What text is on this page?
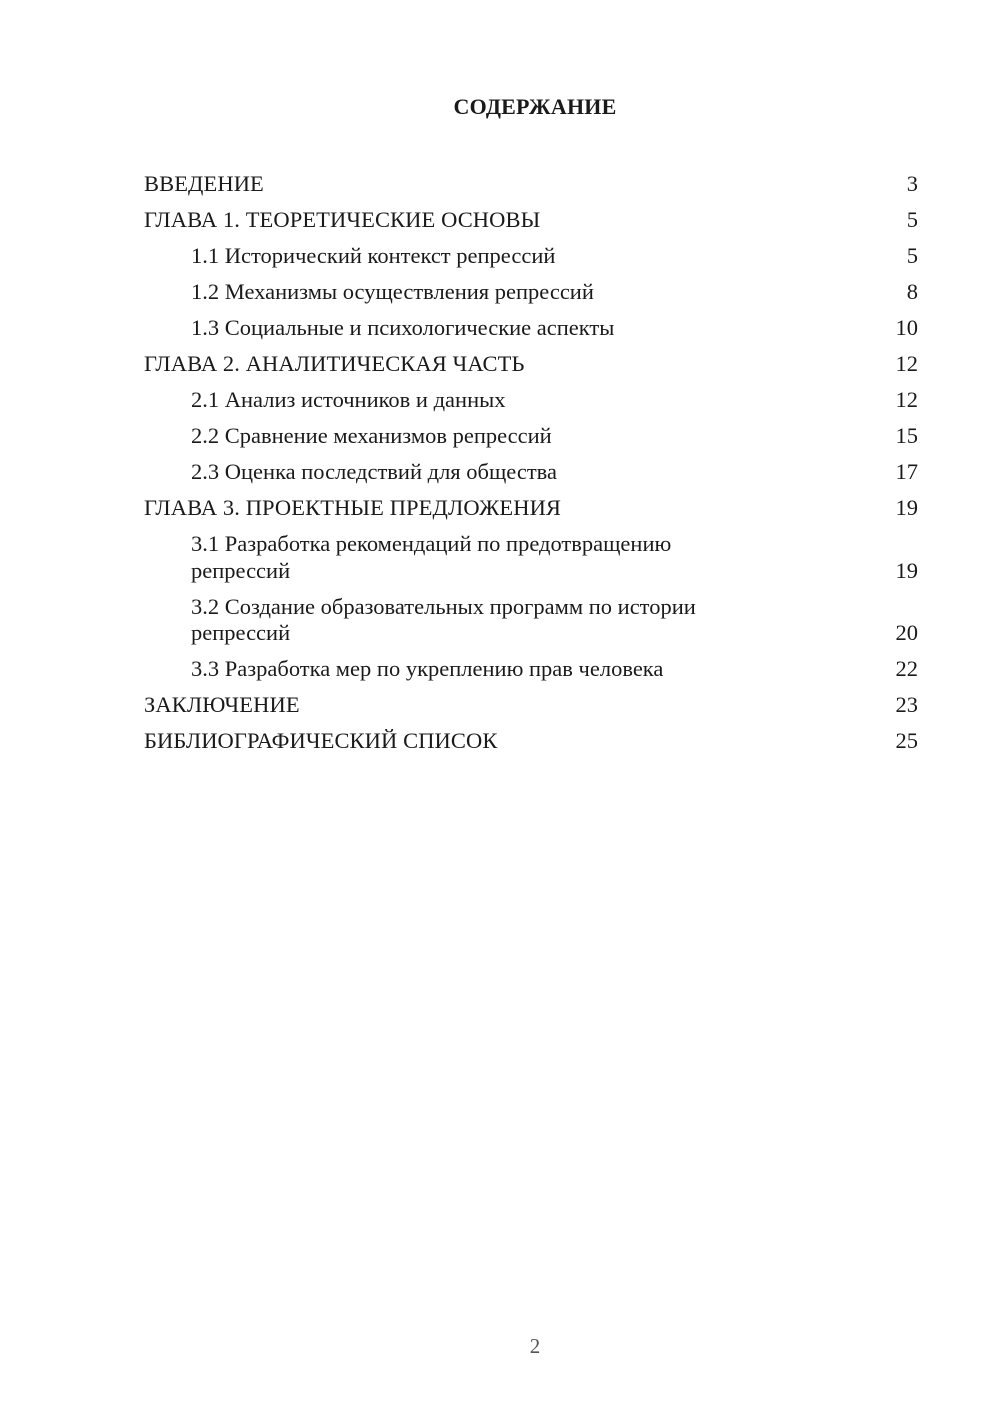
СОДЕРЖАНИЕ
ВВЕДЕНИЕ	3
ГЛАВА 1. ТЕОРЕТИЧЕСКИЕ ОСНОВЫ	5
1.1 Исторический контекст репрессий	5
1.2 Механизмы осуществления репрессий	8
1.3 Социальные и психологические аспекты	10
ГЛАВА 2. АНАЛИТИЧЕСКАЯ ЧАСТЬ	12
2.1 Анализ источников и данных	12
2.2 Сравнение механизмов репрессий	15
2.3 Оценка последствий для общества	17
ГЛАВА 3. ПРОЕКТНЫЕ ПРЕДЛОЖЕНИЯ	19
3.1 Разработка рекомендаций по предотвращению репрессий	19
3.2 Создание образовательных программ по истории репрессий	20
3.3 Разработка мер по укреплению прав человека	22
ЗАКЛЮЧЕНИЕ	23
БИБЛИОГРАФИЧЕСКИЙ СПИСОК	25
2
